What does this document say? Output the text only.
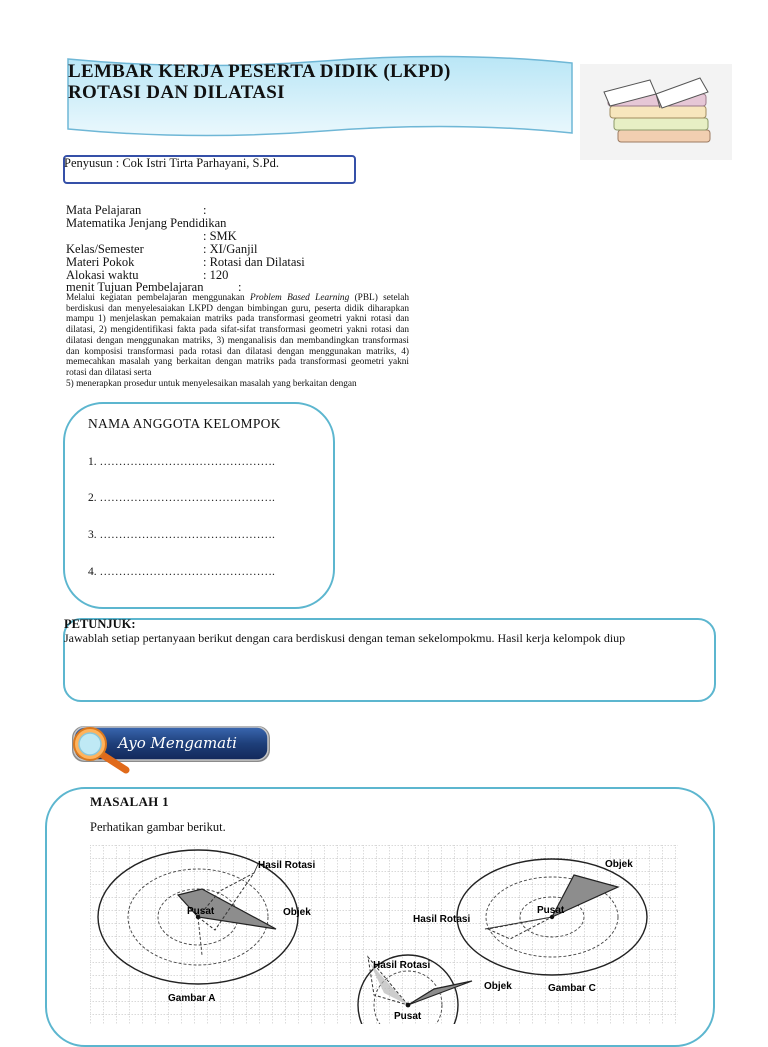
LEMBAR KERJA PESERTA DIDIK (LKPD)
ROTASI DAN DILATASI
Penyusun : Cok Istri Tirta Parhayani, S.Pd.
Mata Pelajaran	:
Matematika Jenjang Pendidikan
: SMK
Kelas/Semester	: XI/Ganjil
Materi Pokok	: Rotasi dan Dilatasi
Alokasi waktu	: 120
menit Tujuan Pembelajaran	:
Melalui kegiatan pembelajaran menggunakan Problem Based Learning (PBL) setelah berdiskusi dan menyelesaiakan LKPD dengan bimbingan guru, peserta didik diharapkan mampu 1) menjelaskan pemakaian matriks pada transformasi geometri yakni rotasi dan dilatasi, 2) mengidentifikasi fakta pada sifat-sifat transformasi geometri yakni rotasi dan dilatasi dengan menggunakan matriks, 3) menganalisis dan membandingkan transformasi dan komposisi transformasi pada rotasi dan dilatasi dengan menggunakan matriks, 4) memecahkan masalah yang berkaitan dengan matriks pada transformasi geometri yakni rotasi dan dilatasi serta
5) menerapkan prosedur untuk menyelesaikan masalah yang berkaitan dengan
NAMA ANGGOTA KELOMPOK
1. ……………………………………….
2. ……………………………………….
3. ……………………………………….
4. ……………………………………….
PETUNJUK:
Jawablah setiap pertanyaan berikut dengan cara berdiskusi dengan teman sekelompokmu. Hasil kerja kelompok diup
Ayo Mengamati
MASALAH 1
Perhatikan gambar berikut.
Hasil Rotasi
Pusat	Objek
Gambar A
Objek
Hasil Rotasi
Pusat
Gambar C
Hasil Rotasi
Objek
Pusat
